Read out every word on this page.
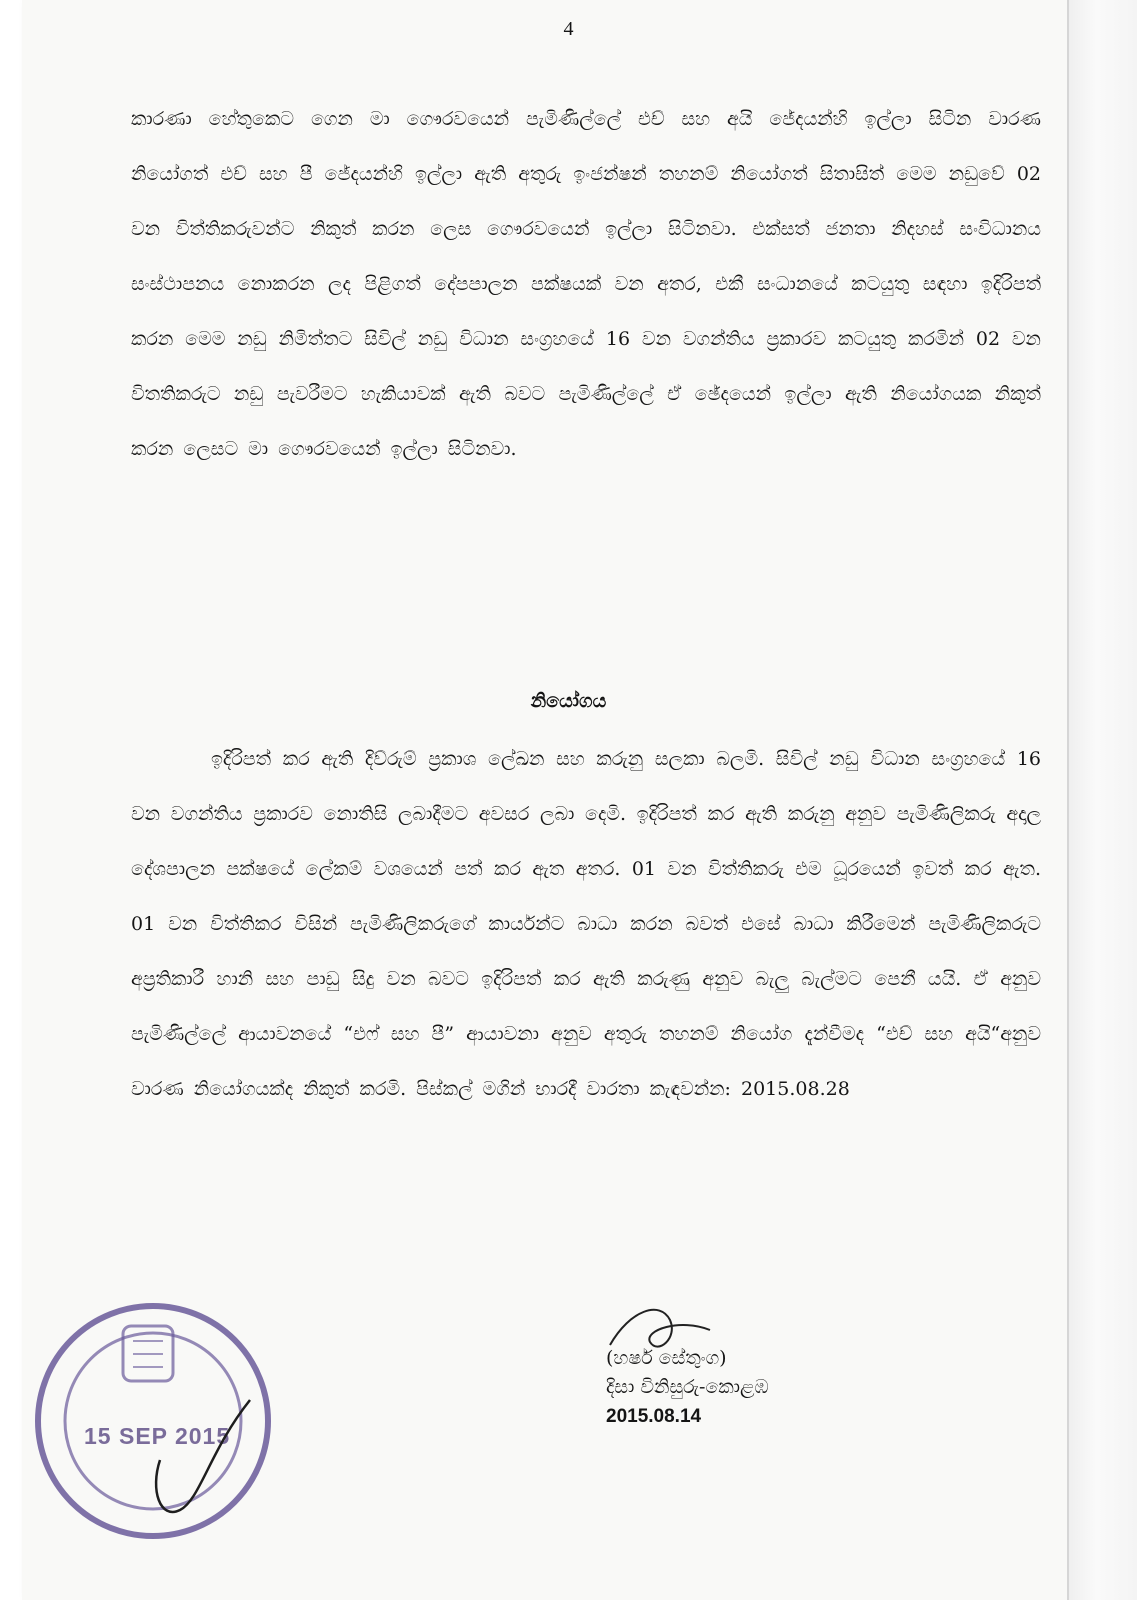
4
කාරණා හේතුකෙට ගෙන මා ගෞරවයෙන් පැමිණිල්ලේ එච් සහ අයි ජේදයන්හි ඉල්ලා සිටින වාරණ නියෝගත් එච් සහ පී ජේදයන්හි ඉල්ලා ඇති අතුරු ඉංජන්ෂන් තහනම් නියෝගත් සිතාසිත් මෙම නඩුවේ 02 වන විත්තිකරුවන්ට නිකුත් කරන ලෙස ගෞරවයෙන් ඉල්ලා සිටිනවා. එක්සත් ජනතා නිදහස් සංවිධානය සංස්ථාපනය නොකරන ලද පිළිගත් දේපපාලන පක්ෂයක් වන අතර, එකී සංධානයේ කටයුතු සඳහා ඉදිරිපත් කරන මෙම නඩු නිමිත්තට සිවිල් නඩු විධාන සංග්‍රහයේ 16 වන වගන්තිය ප්‍රකාරව කටයුතු කරමින් 02 වන විතතිකරුට නඩු පැවරීමට හැකියාවක් ඇති බවට පැමිණිල්ලේ ඒ ඡේදයෙන් ඉල්ලා ඇති නියෝගයක නිකුත් කරන ලෙසට මා ගෞරවයෙන් ඉල්ලා සිටිනවා.
නියෝගය
ඉදිරිපත් කර ඇති දිව්රුම් ප්‍රකාශ ලේඛන සහ කරුනු සලකා බලමි. සිවිල් නඩු විධාන සංග්‍රහයේ 16 වන වගන්තිය ප්‍රකාරව නොතිසි ලබාදීමට අවසර ලබා දෙමි. ඉදිරිපත් කර ඇති කරුනු අනුව පැමිණිලිකරු අදාල දේශපාලන පක්ෂයේ ලේකම් වශයෙන් පත් කර ඇත අතර. 01 වන විත්තිකරු එම ධූරයෙන් ඉවත් කර ඇත. 01 වන විත්තිකර විසින් පැමිණිලිකරුගේ කාර්යන්ට බාධා කරන බවත් එසේ බාධා කිරීමෙන් පැමිණිලිකරුට අප්‍රතිකාරී හානි සහ පාඩු සිදු වන බවට ඉදිරිපත් කර ඇති කරුණු අනුව බැලු බැල්මට පෙනී යයි. ඒ අනුව පැමිණිල්ලේ ආයාවනයේ “එෆ් සහ පී” ආයාවනා අනුව අතුරු තහනම් නියෝග දැන්වීමද “එච් සහ අයි“අනුව වාරණ නියෝගයක්ද නිකුත් කරමි. පිස්කල් මගින් භාරදී වාරතා කැඳවන්න: 2015.08.28
(හර්ෂ සේතුංග)
දිසා විනිසුරු-කොළඹ
2015.08.14
15 SEP 2015
